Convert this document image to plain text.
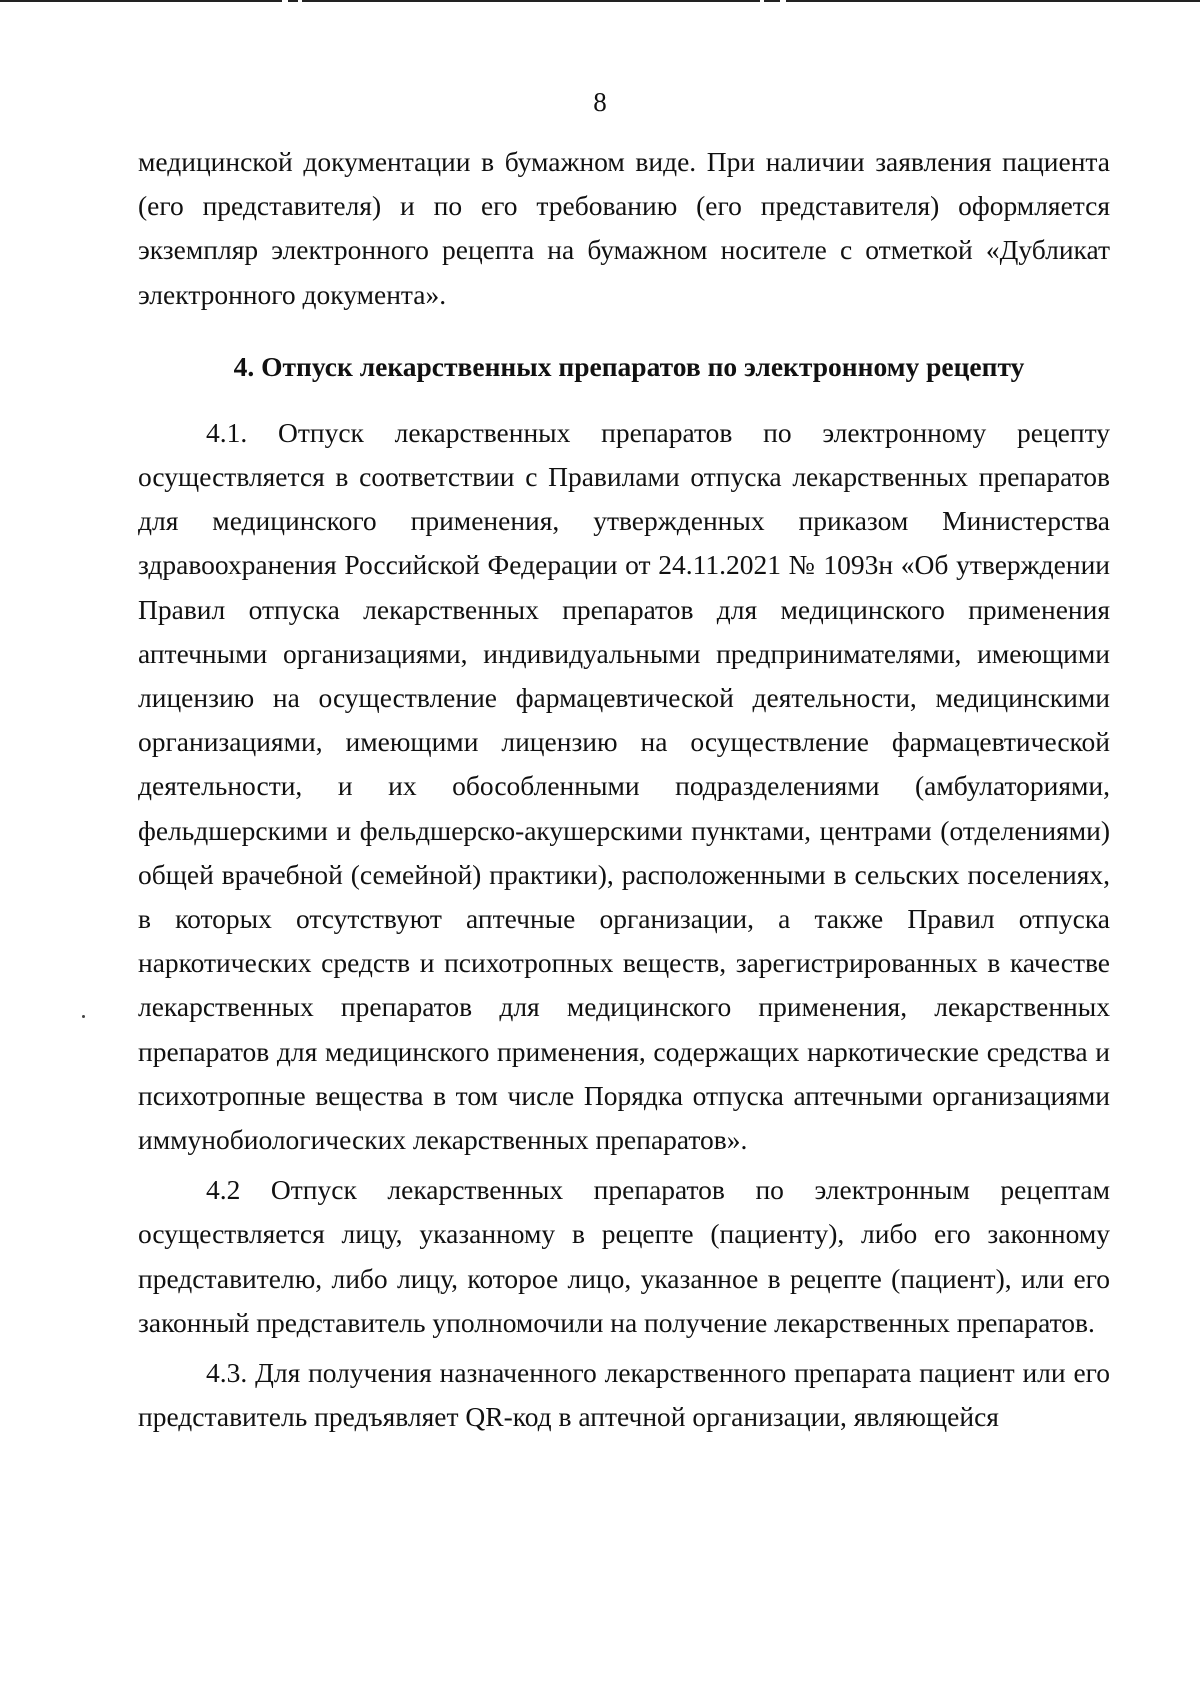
8

медицинской документации в бумажном виде. При наличии заявления пациента (его представителя) и по его требованию (его представителя) оформляется экземпляр электронного рецепта на бумажном носителе с отметкой «Дубликат электронного документа».

4. Отпуск лекарственных препаратов по электронному рецепту

4.1. Отпуск лекарственных препаратов по электронному рецепту осуществляется в соответствии с Правилами отпуска лекарственных препаратов для медицинского применения, утвержденных приказом Министерства здравоохранения Российской Федерации от 24.11.2021 № 1093н «Об утверждении Правил отпуска лекарственных препаратов для медицинского применения аптечными организациями, индивидуальными предпринимателями, имеющими лицензию на осуществление фармацевтической деятельности, медицинскими организациями, имеющими лицензию на осуществление фармацевтической деятельности, и их обособленными подразделениями (амбулаториями, фельдшерскими и фельдшерско-акушерскими пунктами, центрами (отделениями) общей врачебной (семейной) практики), расположенными в сельских поселениях, в которых отсутствуют аптечные организации, а также Правил отпуска наркотических средств и психотропных веществ, зарегистрированных в качестве лекарственных препаратов для медицинского применения, лекарственных препаратов для медицинского применения, содержащих наркотические средства и психотропные вещества в том числе Порядка отпуска аптечными организациями иммунобиологических лекарственных препаратов».

4.2 Отпуск лекарственных препаратов по электронным рецептам осуществляется лицу, указанному в рецепте (пациенту), либо его законному представителю, либо лицу, которое лицо, указанное в рецепте (пациент), или его законный представитель уполномочили на получение лекарственных препаратов.

4.3. Для получения назначенного лекарственного препарата пациент или его представитель предъявляет QR-код в аптечной организации, являющейся
